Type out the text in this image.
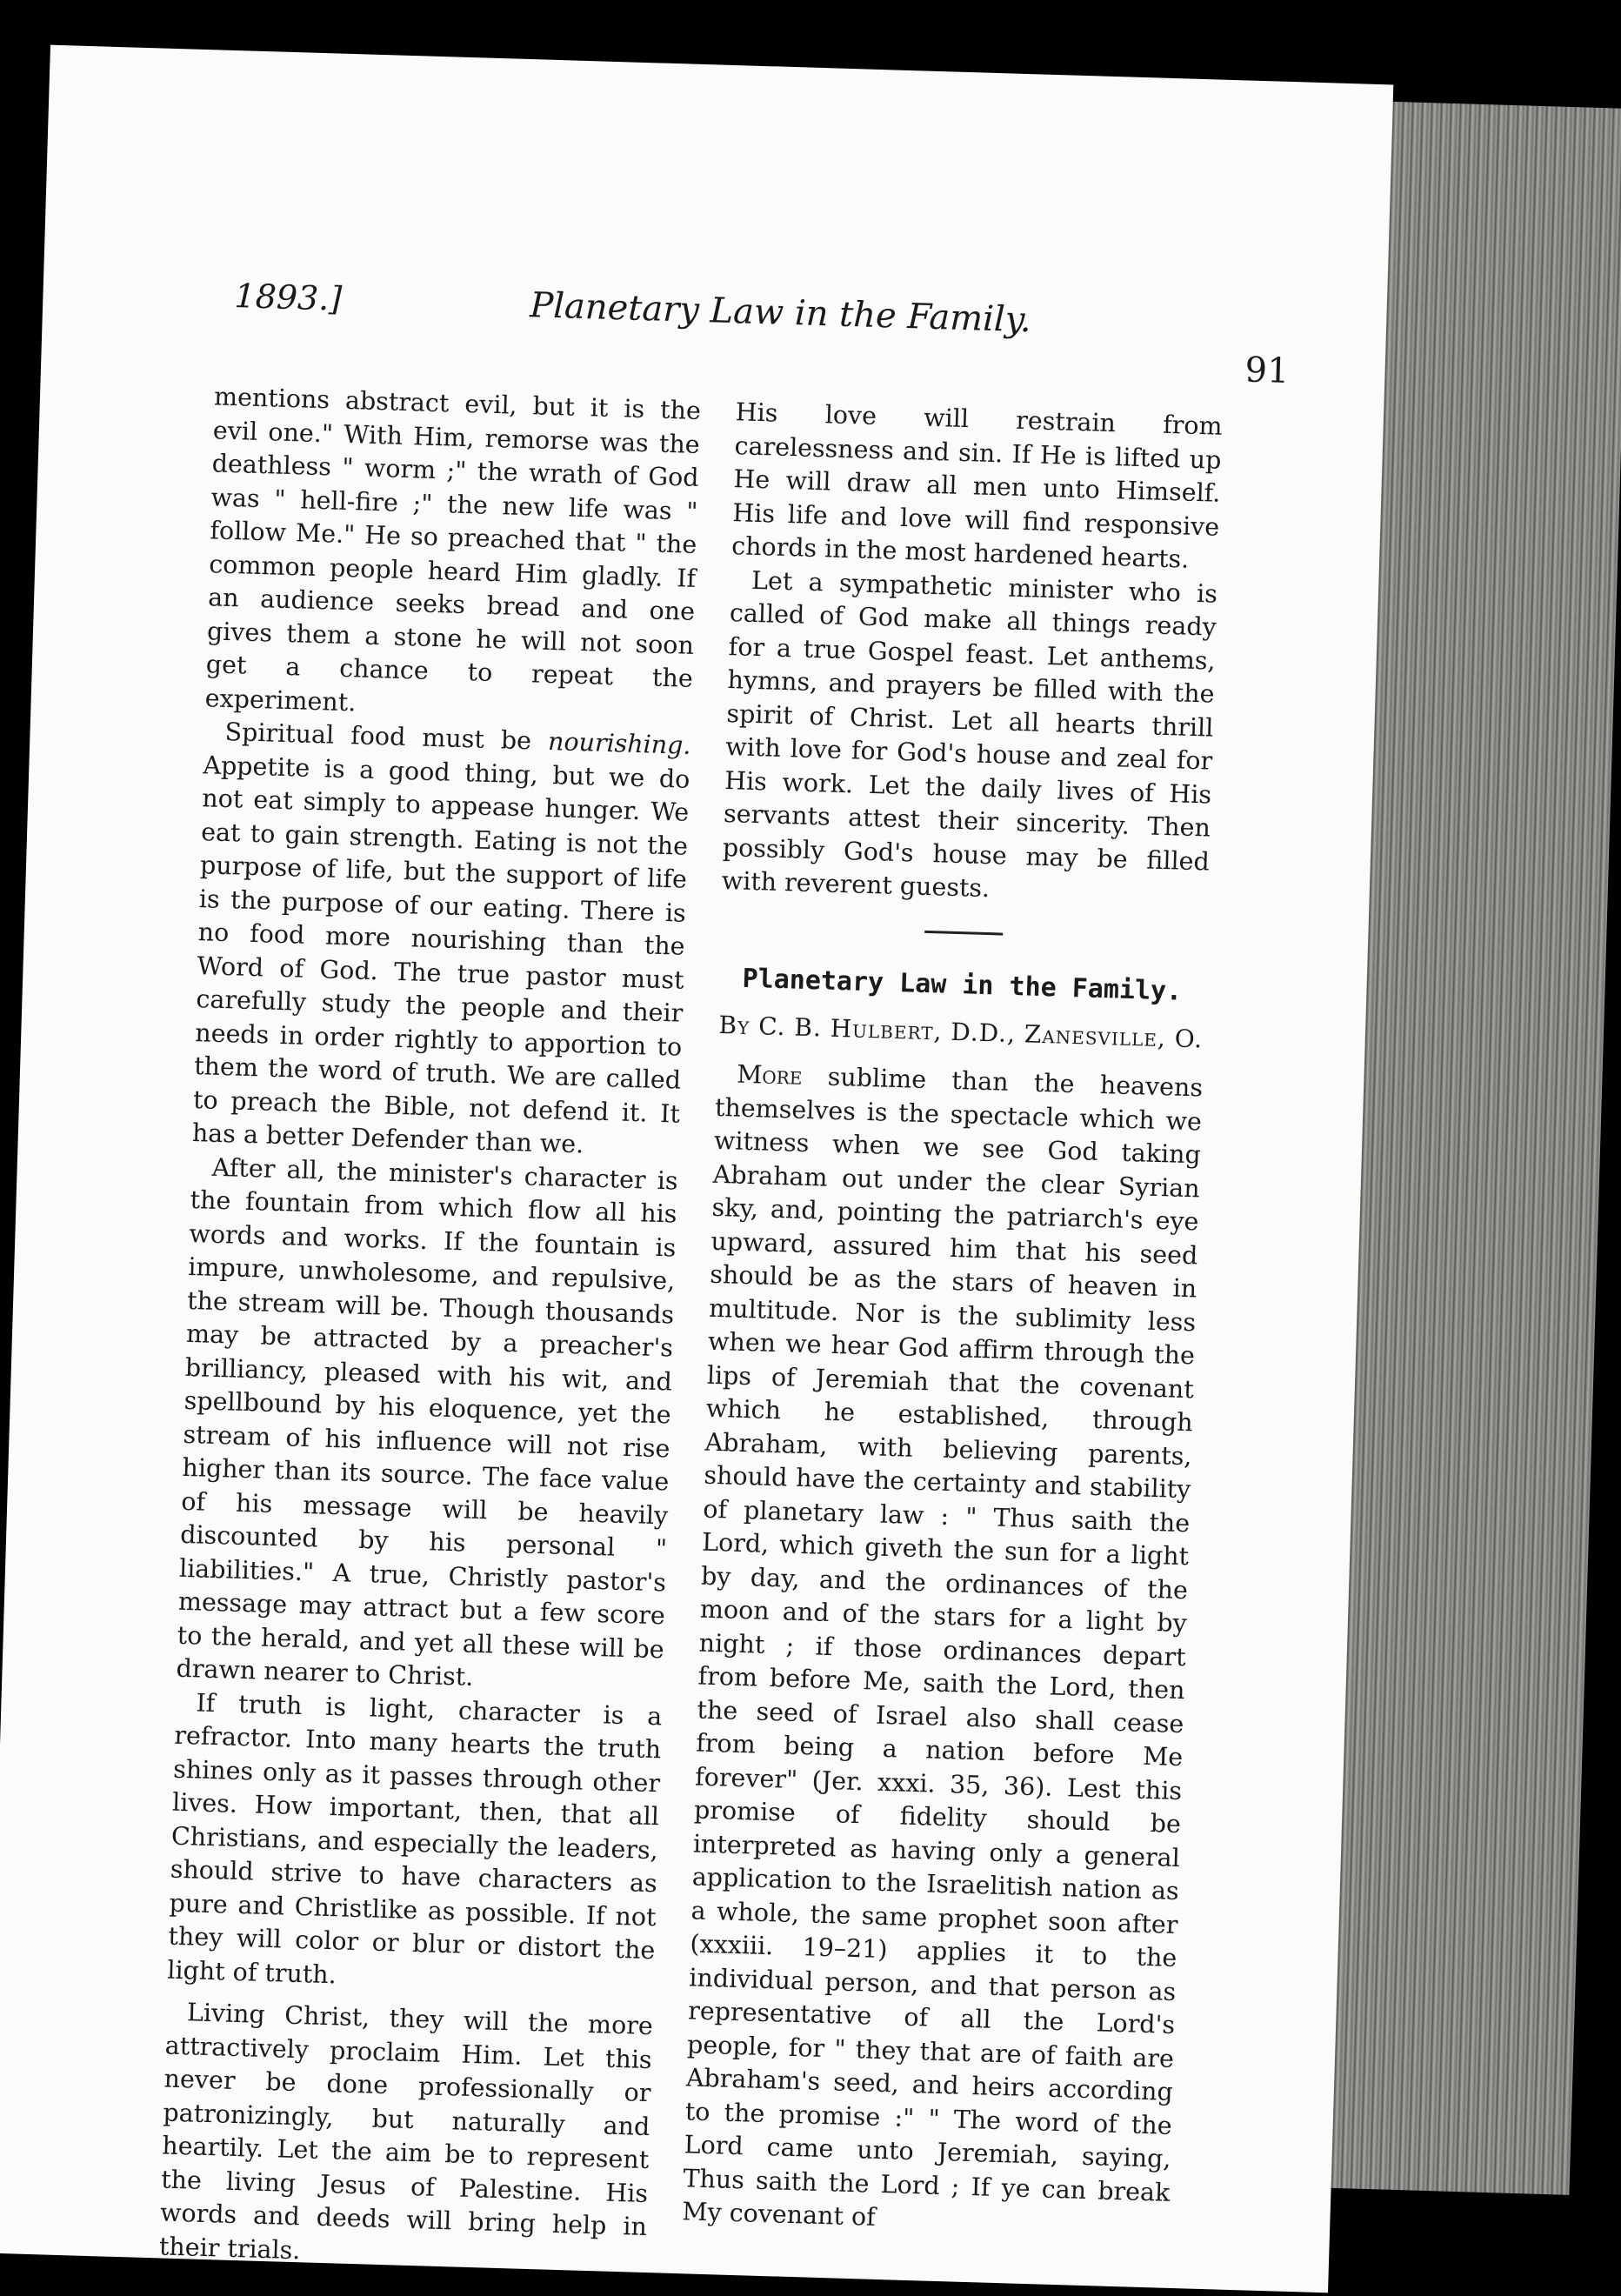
1893.]	Planetary Law in the Family.
91

mentions abstract evil, but it is the evil one." With Him, remorse was the deathless " worm ;" the wrath of God was " hell-fire ;" the new life was " follow Me." He so preached that " the common people heard Him gladly. If an audience seeks bread and one gives them a stone he will not soon get a chance to repeat the experiment.

Spiritual food must be nourishing. Appetite is a good thing, but we do not eat simply to appease hunger. We eat to gain strength. Eating is not the purpose of life, but the support of life is the purpose of our eating. There is no food more nourishing than the Word of God. The true pastor must carefully study the people and their needs in order rightly to apportion to them the word of truth. We are called to preach the Bible, not defend it. It has a better Defender than we.

After all, the minister's character is the fountain from which flow all his words and works. If the fountain is impure, unwholesome, and repulsive, the stream will be. Though thousands may be attracted by a preacher's brilliancy, pleased with his wit, and spellbound by his eloquence, yet the stream of his influence will not rise higher than its source. The face value of his message will be heavily discounted by his personal " liabilities." A true, Christly pastor's message may attract but a few score to the herald, and yet all these will be drawn nearer to Christ.

If truth is light, character is a refractor. Into many hearts the truth shines only as it passes through other lives. How important, then, that all Christians, and especially the leaders, should strive to have characters as pure and Christlike as possible. If not they will color or blur or distort the light of truth.

Living Christ, they will the more attractively proclaim Him. Let this never be done professionally or patronizingly, but naturally and heartily. Let the aim be to represent the living Jesus of Palestine. His words and deeds will bring help in their trials.

His love will restrain from carelessness and sin. If He is lifted up He will draw all men unto Himself. His life and love will find responsive chords in the most hardened hearts.

Let a sympathetic minister who is called of God make all things ready for a true Gospel feast. Let anthems, hymns, and prayers be filled with the spirit of Christ. Let all hearts thrill with love for God's house and zeal for His work. Let the daily lives of His servants attest their sincerity. Then possibly God's house may be filled with reverent guests.

Planetary Law in the Family.
By C. B. Hulbert, D.D., Zanesville, O.

More sublime than the heavens themselves is the spectacle which we witness when we see God taking Abraham out under the clear Syrian sky, and, pointing the patriarch's eye upward, assured him that his seed should be as the stars of heaven in multitude. Nor is the sublimity less when we hear God affirm through the lips of Jeremiah that the covenant which he established, through Abraham, with believing parents, should have the certainty and stability of planetary law : " Thus saith the Lord, which giveth the sun for a light by day, and the ordinances of the moon and of the stars for a light by night ; if those ordinances depart from before Me, saith the Lord, then the seed of Israel also shall cease from being a nation before Me forever" (Jer. xxxi. 35, 36). Lest this promise of fidelity should be interpreted as having only a general application to the Israelitish nation as a whole, the same prophet soon after (xxxiii. 19–21) applies it to the individual person, and that person as representative of all the Lord's people, for " they that are of faith are Abraham's seed, and heirs according to the promise :" " The word of the Lord came unto Jeremiah, saying, Thus saith the Lord ; If ye can break My covenant of
